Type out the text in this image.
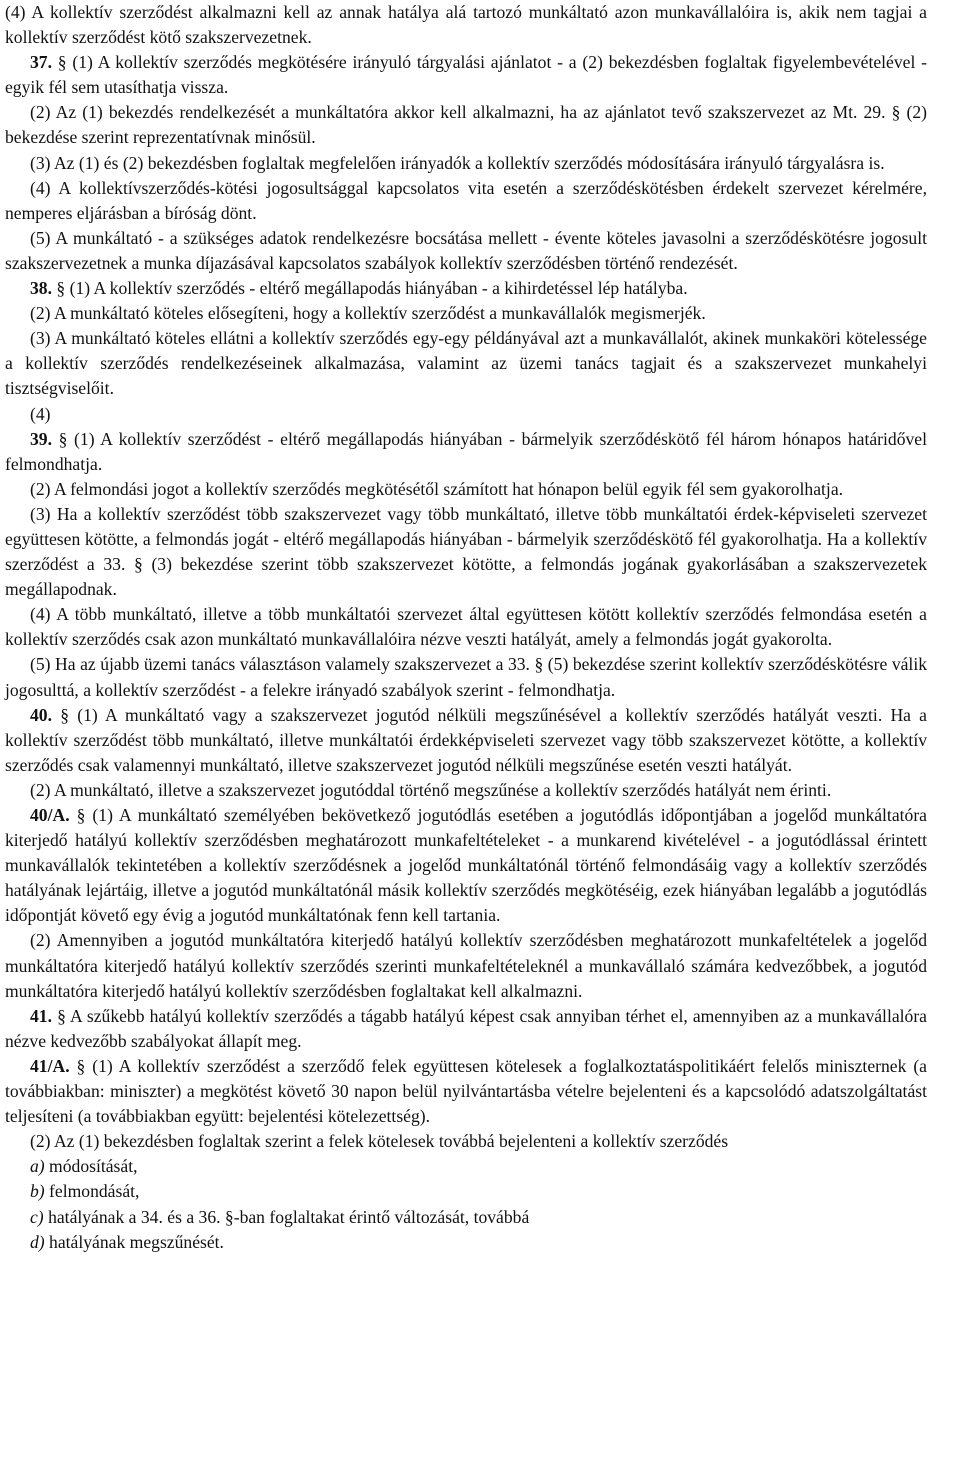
(4) A kollektív szerződést alkalmazni kell az annak hatálya alá tartozó munkáltató azon munkavállalóira is, akik nem tagjai a kollektív szerződést kötő szakszervezetnek.

37. § (1) A kollektív szerződés megkötésére irányuló tárgyalási ajánlatot - a (2) bekezdésben foglaltak figyelembevételével - egyik fél sem utasíthatja vissza.

(2) Az (1) bekezdés rendelkezését a munkáltatóra akkor kell alkalmazni, ha az ajánlatot tevő szakszervezet az Mt. 29. § (2) bekezdése szerint reprezentatívnak minősül.

(3) Az (1) és (2) bekezdésben foglaltak megfelelően irányadók a kollektív szerződés módosítására irányuló tárgyalásra is.

(4) A kollektívszerződés-kötési jogosultsággal kapcsolatos vita esetén a szerződéskötésben érdekelt szervezet kérelmére, nemperes eljárásban a bíróság dönt.

(5) A munkáltató - a szükséges adatok rendelkezésre bocsátása mellett - évente köteles javasolni a szerződéskötésre jogosult szakszervezetnek a munka díjazásával kapcsolatos szabályok kollektív szerződésben történő rendezését.

38. § (1) A kollektív szerződés - eltérő megállapodás hiányában - a kihirdetéssel lép hatályba.

(2) A munkáltató köteles elősegíteni, hogy a kollektív szerződést a munkavállalók megismerjék.

(3) A munkáltató köteles ellátni a kollektív szerződés egy-egy példányával azt a munkavállalót, akinek munkaköri kötelessége a kollektív szerződés rendelkezéseinek alkalmazása, valamint az üzemi tanács tagjait és a szakszervezet munkahelyi tisztségviselőit.

(4)

39. § (1) A kollektív szerződést - eltérő megállapodás hiányában - bármelyik szerződéskötő fél három hónapos határidővel felmondhatja.

(2) A felmondási jogot a kollektív szerződés megkötésétől számított hat hónapon belül egyik fél sem gyakorolhatja.

(3) Ha a kollektív szerződést több szakszervezet vagy több munkáltató, illetve több munkáltatói érdek-képviseleti szervezet együttesen kötötte, a felmondás jogát - eltérő megállapodás hiányában - bármelyik szerződéskötő fél gyakorolhatja. Ha a kollektív szerződést a 33. § (3) bekezdése szerint több szakszervezet kötötte, a felmondás jogának gyakorlásában a szakszervezetek megállapodnak.

(4) A több munkáltató, illetve a több munkáltatói szervezet által együttesen kötött kollektív szerződés felmondása esetén a kollektív szerződés csak azon munkáltató munkavállalóira nézve veszti hatályát, amely a felmondás jogát gyakorolta.

(5) Ha az újabb üzemi tanács választáson valamely szakszervezet a 33. § (5) bekezdése szerint kollektív szerződéskötésre válik jogosulttá, a kollektív szerződést - a felekre irányadó szabályok szerint - felmondhatja.

40. § (1) A munkáltató vagy a szakszervezet jogutód nélküli megszűnésével a kollektív szerződés hatályát veszti. Ha a kollektív szerződést több munkáltató, illetve munkáltatói érdekképviseleti szervezet vagy több szakszervezet kötötte, a kollektív szerződés csak valamennyi munkáltató, illetve szakszervezet jogutód nélküli megszűnése esetén veszti hatályát.

(2) A munkáltató, illetve a szakszervezet jogutóddal történő megszűnése a kollektív szerződés hatályát nem érinti.

40/A. § (1) A munkáltató személyében bekövetkező jogutódlás esetében a jogutódlás időpontjában a jogelőd munkáltatóra kiterjedő hatályú kollektív szerződésben meghatározott munkafeltételeket - a munkarend kivételével - a jogutódlással érintett munkavállalók tekintetében a kollektív szerződésnek a jogelőd munkáltatónál történő felmondásáig vagy a kollektív szerződés hatályának lejártáig, illetve a jogutód munkáltatónál másik kollektív szerződés megkötéséig, ezek hiányában legalább a jogutódlás időpontját követő egy évig a jogutód munkáltatónak fenn kell tartania.

(2) Amennyiben a jogutód munkáltatóra kiterjedő hatályú kollektív szerződésben meghatározott munkafeltételek a jogelőd munkáltatóra kiterjedő hatályú kollektív szerződés szerinti munkafeltételeknél a munkavállaló számára kedvezőbbek, a jogutód munkáltatóra kiterjedő hatályú kollektív szerződésben foglaltakat kell alkalmazni.

41. § A szűkebb hatályú kollektív szerződés a tágabb hatályú képest csak annyiban térhet el, amennyiben az a munkavállalóra nézve kedvezőbb szabályokat állapít meg.

41/A. § (1) A kollektív szerződést a szerződő felek együttesen kötelesek a foglalkoztatáspolitikáért felelős miniszternek (a továbbiakban: miniszter) a megkötést követő 30 napon belül nyilvántartásba vételre bejelenteni és a kapcsolódó adatszolgáltatást teljesíteni (a továbbiakban együtt: bejelentési kötelezettség).

(2) Az (1) bekezdésben foglaltak szerint a felek kötelesek továbbá bejelenteni a kollektív szerződés

a) módosítását,

b) felmondását,

c) hatályának a 34. és a 36. §-ban foglaltakat érintő változását, továbbá

d) hatályának megszűnését.
